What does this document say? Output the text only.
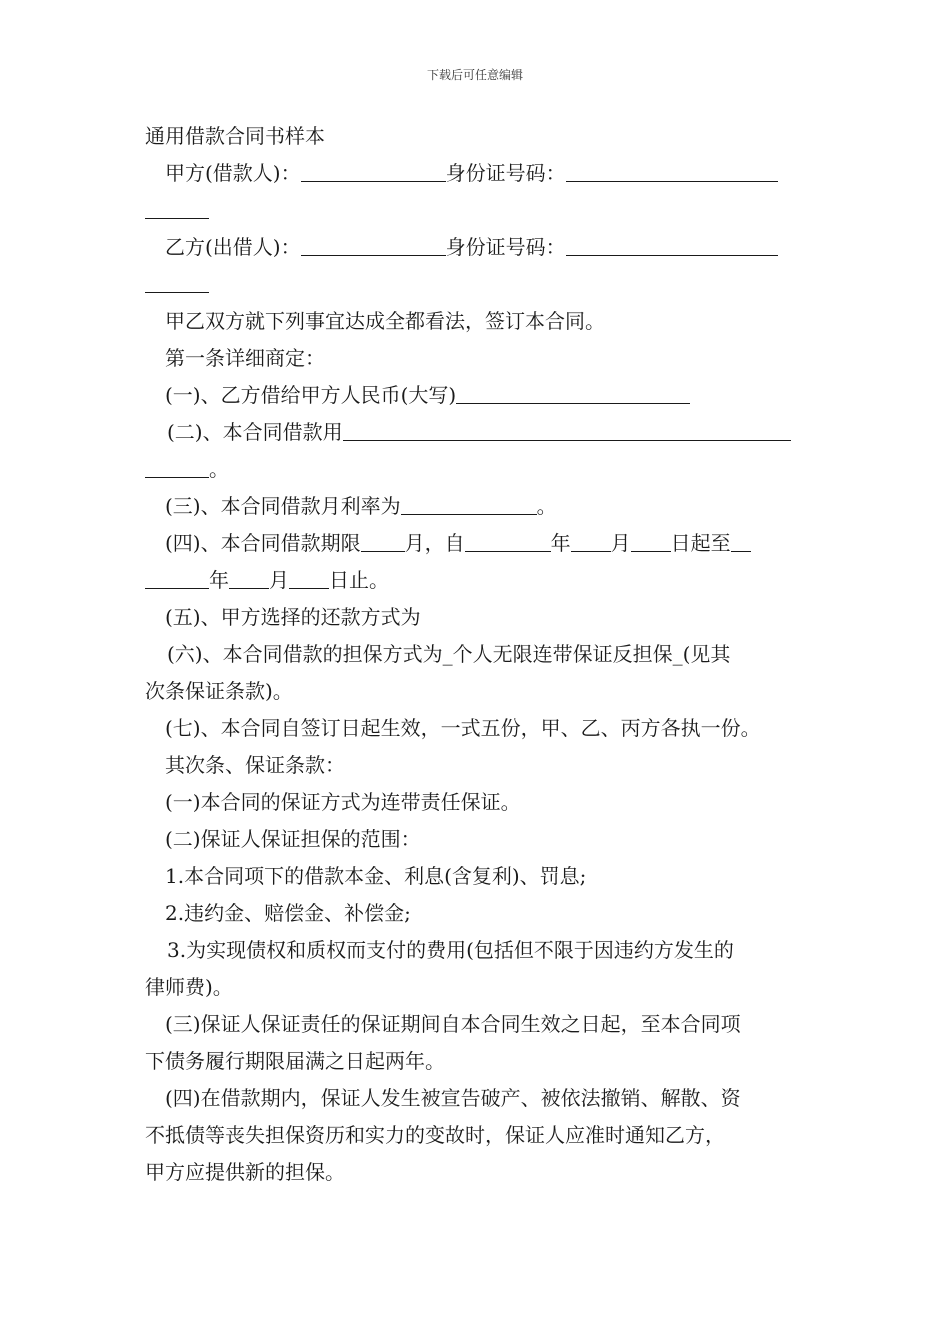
下载后可任意编辑
通用借款合同书样本
甲方(借款人)：	身份证号码：
乙方(出借人)：	身份证号码：
甲乙双方就下列事宜达成全都看法，签订本合同。
第一条详细商定：
(一)、乙方借给甲方人民币(大写)
(二)、本合同借款用
。
(三)、本合同借款月利率为	。
(四)、本合同借款期限 月，自	年 月 日起至
年 月 日止。
(五)、甲方选择的还款方式为
(六)、本合同借款的担保方式为_个人无限连带保证反担保_(见其
次条保证条款)。
(七)、本合同自签订日起生效，一式五份，甲、乙、丙方各执一份。
其次条、保证条款：
(一)本合同的保证方式为连带责任保证。
(二)保证人保证担保的范围：
1.本合同项下的借款本金、利息(含复利)、罚息;
2.违约金、赔偿金、补偿金;
3.为实现债权和质权而支付的费用(包括但不限于因违约方发生的
律师费)。
(三)保证人保证责任的保证期间自本合同生效之日起，至本合同项
下债务履行期限届满之日起两年。
(四)在借款期内，保证人发生被宣告破产、被依法撤销、解散、资
不抵债等丧失担保资历和实力的变故时，保证人应准时通知乙方，
甲方应提供新的担保。
